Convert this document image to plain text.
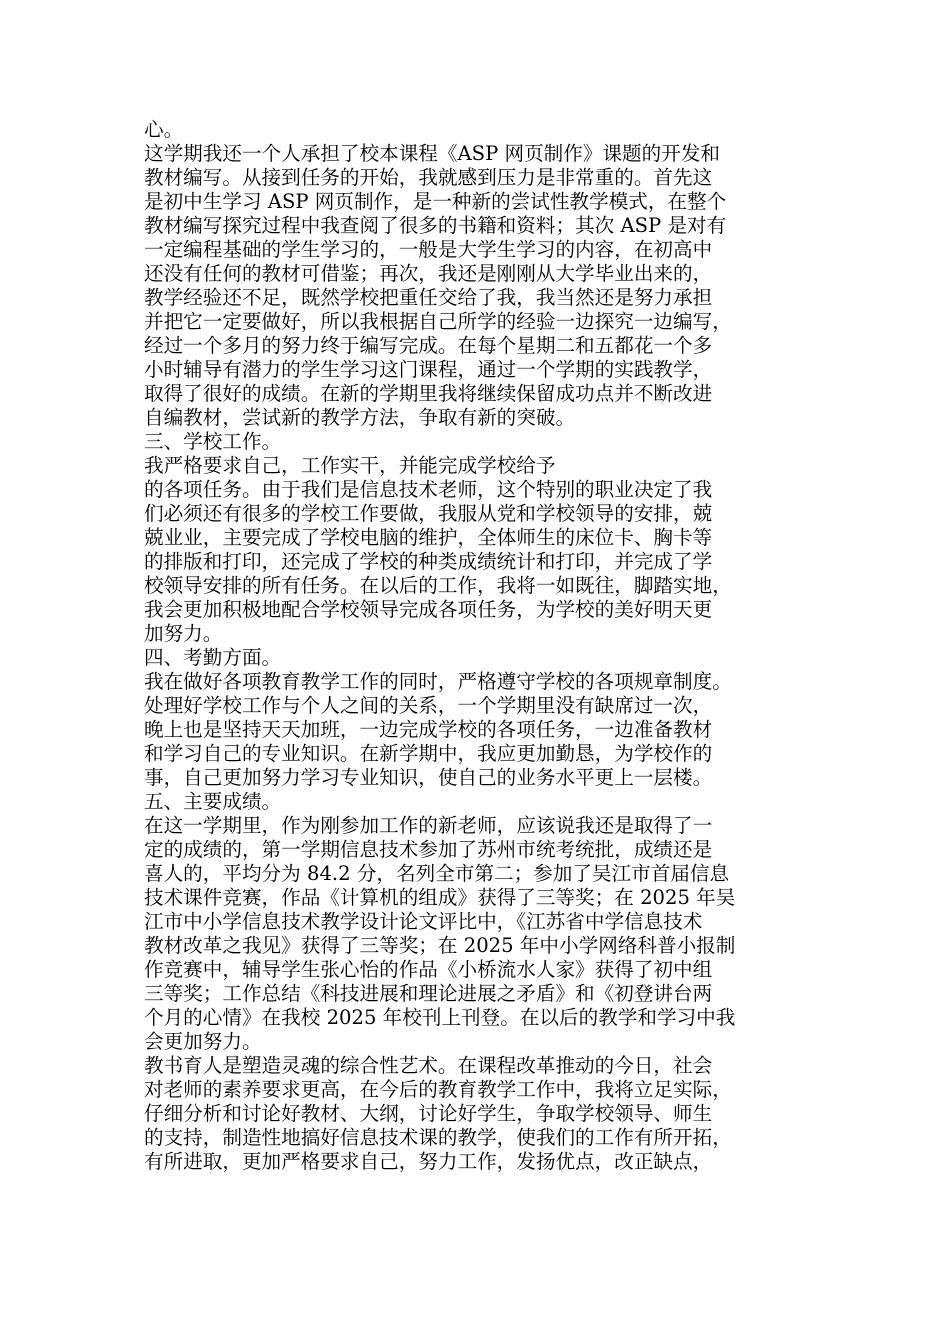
心。
这学期我还一个人承担了校本课程《ASP 网页制作》课题的开发和
教材编写。从接到任务的开始，我就感到压力是非常重的。首先这
是初中生学习 ASP 网页制作，是一种新的尝试性教学模式，在整个
教材编写探究过程中我查阅了很多的书籍和资料；其次 ASP 是对有
一定编程基础的学生学习的，一般是大学生学习的内容，在初高中
还没有任何的教材可借鉴；再次，我还是刚刚从大学毕业出来的，
教学经验还不足，既然学校把重任交给了我，我当然还是努力承担
并把它一定要做好，所以我根据自己所学的经验一边探究一边编写，
经过一个多月的努力终于编写完成。在每个星期二和五都花一个多
小时辅导有潜力的学生学习这门课程，通过一个学期的实践教学，
取得了很好的成绩。在新的学期里我将继续保留成功点并不断改进
自编教材，尝试新的教学方法，争取有新的突破。
三、学校工作。
我严格要求自己，工作实干，并能完成学校给予
的各项任务。由于我们是信息技术老师，这个特别的职业决定了我
们必须还有很多的学校工作要做，我服从党和学校领导的安排，兢
兢业业，主要完成了学校电脑的维护，全体师生的床位卡、胸卡等
的排版和打印，还完成了学校的种类成绩统计和打印，并完成了学
校领导安排的所有任务。在以后的工作，我将一如既往，脚踏实地，
我会更加积极地配合学校领导完成各项任务，为学校的美好明天更
加努力。
四、考勤方面。
我在做好各项教育教学工作的同时，严格遵守学校的各项规章制度。
处理好学校工作与个人之间的关系，一个学期里没有缺席过一次，
晚上也是坚持天天加班，一边完成学校的各项任务，一边准备教材
和学习自己的专业知识。在新学期中，我应更加勤恳，为学校作的
事，自己更加努力学习专业知识，使自己的业务水平更上一层楼。
五、主要成绩。
在这一学期里，作为刚参加工作的新老师，应该说我还是取得了一
定的成绩的，第一学期信息技术参加了苏州市统考统批，成绩还是
喜人的，平均分为 84.2 分，名列全市第二；参加了吴江市首届信息
技术课件竞赛，作品《计算机的组成》获得了三等奖；在 2025 年吴
江市中小学信息技术教学设计论文评比中，《江苏省中学信息技术
教材改革之我见》获得了三等奖；在 2025 年中小学网络科普小报制
作竞赛中，辅导学生张心怡的作品《小桥流水人家》获得了初中组
三等奖；工作总结《科技进展和理论进展之矛盾》和《初登讲台两
个月的心情》在我校 2025 年校刊上刊登。在以后的教学和学习中我
会更加努力。
教书育人是塑造灵魂的综合性艺术。在课程改革推动的今日，社会
对老师的素养要求更高，在今后的教育教学工作中，我将立足实际，
仔细分析和讨论好教材、大纲，讨论好学生，争取学校领导、师生
的支持，制造性地搞好信息技术课的教学，使我们的工作有所开拓，
有所进取，更加严格要求自己，努力工作，发扬优点，改正缺点，
